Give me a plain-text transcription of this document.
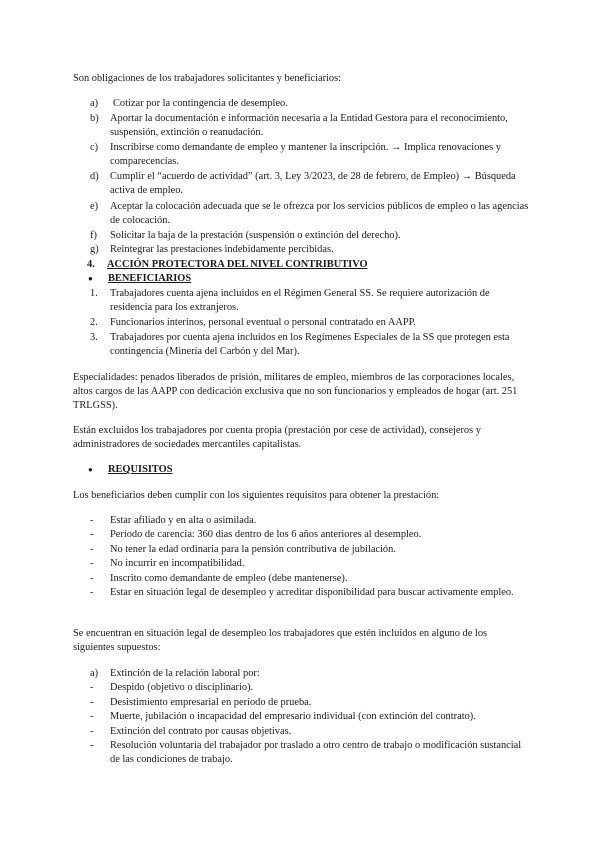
Son obligaciones de los trabajadores solicitantes y beneficiarios:

a) Cotizar por la contingencia de desempleo.
b) Aportar la documentación e información necesaria a la Entidad Gestora para el reconocimiento, suspensión, extinción o reanudación.
c) Inscribirse como demandante de empleo y mantener la inscripción. → Implica renovaciones y comparecencias.
d) Cumplir el “acuerdo de actividad” (art. 3, Ley 3/2023, de 28 de febrero, de Empleo) → Búsqueda activa de empleo.
e) Aceptar la colocación adecuada que se le ofrezca por los servicios públicos de empleo o las agencias de colocación.
f) Solicitar la baja de la prestación (suspensión o extinción del derecho).
g) Reintegrar las prestaciones indebidamente percibidas.
4. ACCIÓN PROTECTORA DEL NIVEL CONTRIBUTIVO
● BENEFICIARIOS
1. Trabajadores cuenta ajena incluidos en el Régimen General SS. Se requiere autorización de residencia para los extranjeros.
2. Funcionarios interinos, personal eventual o personal contratado en AAPP.
3. Trabajadores por cuenta ajena incluidos en los Regímenes Especiales de la SS que protegen esta contingencia (Minería del Carbón y del Mar).

Especialidades: penados liberados de prisión, militares de empleo, miembros de las corporaciones locales, altos cargos de las AAPP con dedicación exclusiva que no son funcionarios y empleados de hogar (art. 251 TRLGSS).

Están excluidos los trabajadores por cuenta propia (prestación por cese de actividad), consejeros y administradores de sociedades mercantiles capitalistas.

● REQUISITOS

Los beneficiarios deben cumplir con los siguientes requisitos para obtener la prestación:

- Estar afiliado y en alta o asimilada.
- Período de carencia: 360 días dentro de los 6 años anteriores al desempleo.
- No tener la edad ordinaria para la pensión contributiva de jubilación.
- No incurrir en incompatibilidad.
- Inscrito como demandante de empleo (debe mantenerse).
- Estar en situación legal de desempleo y acreditar disponibilidad para buscar activamente empleo.

Se encuentran en situación legal de desempleo los trabajadores que estén incluidos en alguno de los siguientes supuestos:

a) Extinción de la relación laboral por:
- Despido (objetivo o disciplinario).
- Desistimiento empresarial en período de prueba.
- Muerte, jubilación o incapacidad del empresario individual (con extinción del contrato).
- Extinción del contrato por causas objetivas.
- Resolución voluntaria del trabajador por traslado a otro centro de trabajo o modificación sustancial de las condiciones de trabajo.
